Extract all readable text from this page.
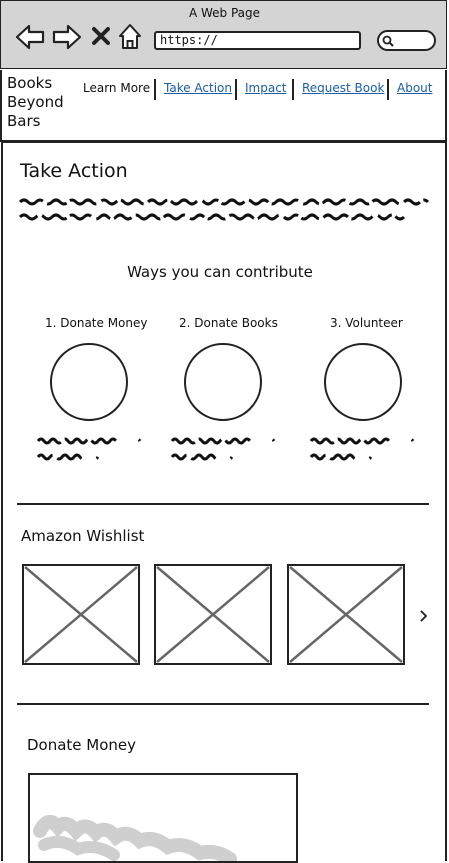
A Web Page
https://
Books Beyond Bars
Learn More Take Action Impact Request Book About
Take Action
Ways you can contribute
1. Donate Money	2. Donate Books	3. Volunteer
Amazon Wishlist
Donate Money
